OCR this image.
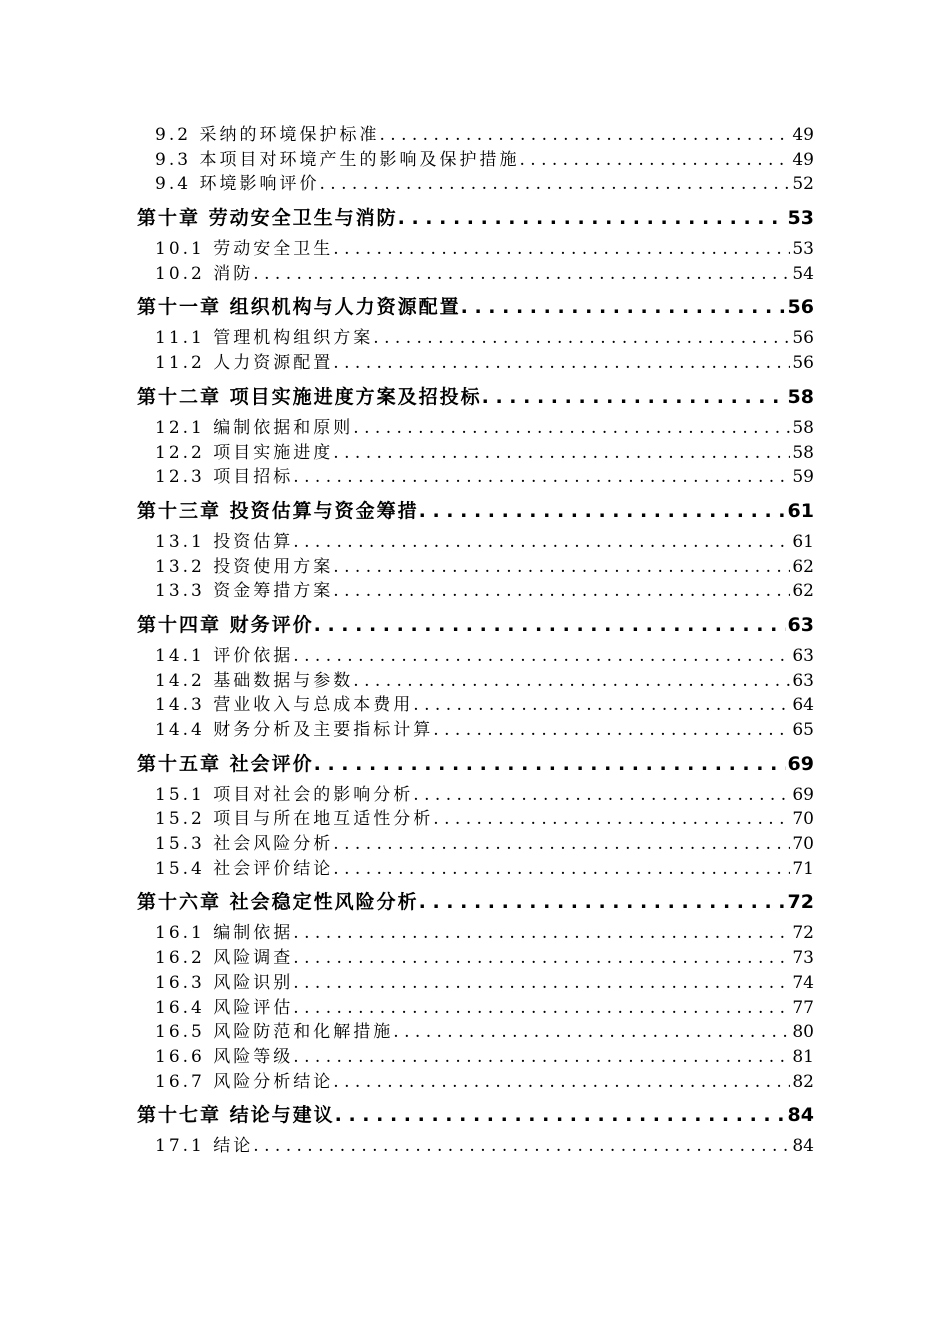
9.2 采纳的环境保护标准 . . .	49
9.3 本项目对环境产生的影响及保护措施 . . .	49
9.4 环境影响评价 . . .	52
第十章 劳动安全卫生与消防 . . .	53
10.1 劳动安全卫生 . . .	53
10.2 消防 . . .	54
第十一章 组织机构与人力资源配置 . . .	56
11.1 管理机构组织方案 . . .	56
11.2 人力资源配置 . . .	56
第十二章 项目实施进度方案及招投标 . . .	58
12.1 编制依据和原则 . . .	58
12.2 项目实施进度 . . .	58
12.3 项目招标 . . .	59
第十三章 投资估算与资金筹措 . . .	61
13.1 投资估算 . . .	61
13.2 投资使用方案 . . .	62
13.3 资金筹措方案 . . .	62
第十四章 财务评价 . . .	63
14.1 评价依据 . . .	63
14.2 基础数据与参数 . . .	63
14.3 营业收入与总成本费用 . . .	64
14.4 财务分析及主要指标计算 . . .	65
第十五章 社会评价 . . .	69
15.1 项目对社会的影响分析 . . .	69
15.2 项目与所在地互适性分析 . . .	70
15.3 社会风险分析 . . .	70
15.4 社会评价结论 . . .	71
第十六章 社会稳定性风险分析 . . .	72
16.1 编制依据 . . .	72
16.2 风险调查 . . .	73
16.3 风险识别 . . .	74
16.4 风险评估 . . .	77
16.5 风险防范和化解措施 . . .	80
16.6 风险等级 . . .	81
16.7 风险分析结论 . . .	82
第十七章 结论与建议 . . .	84
17.1 结论 . . .	84
